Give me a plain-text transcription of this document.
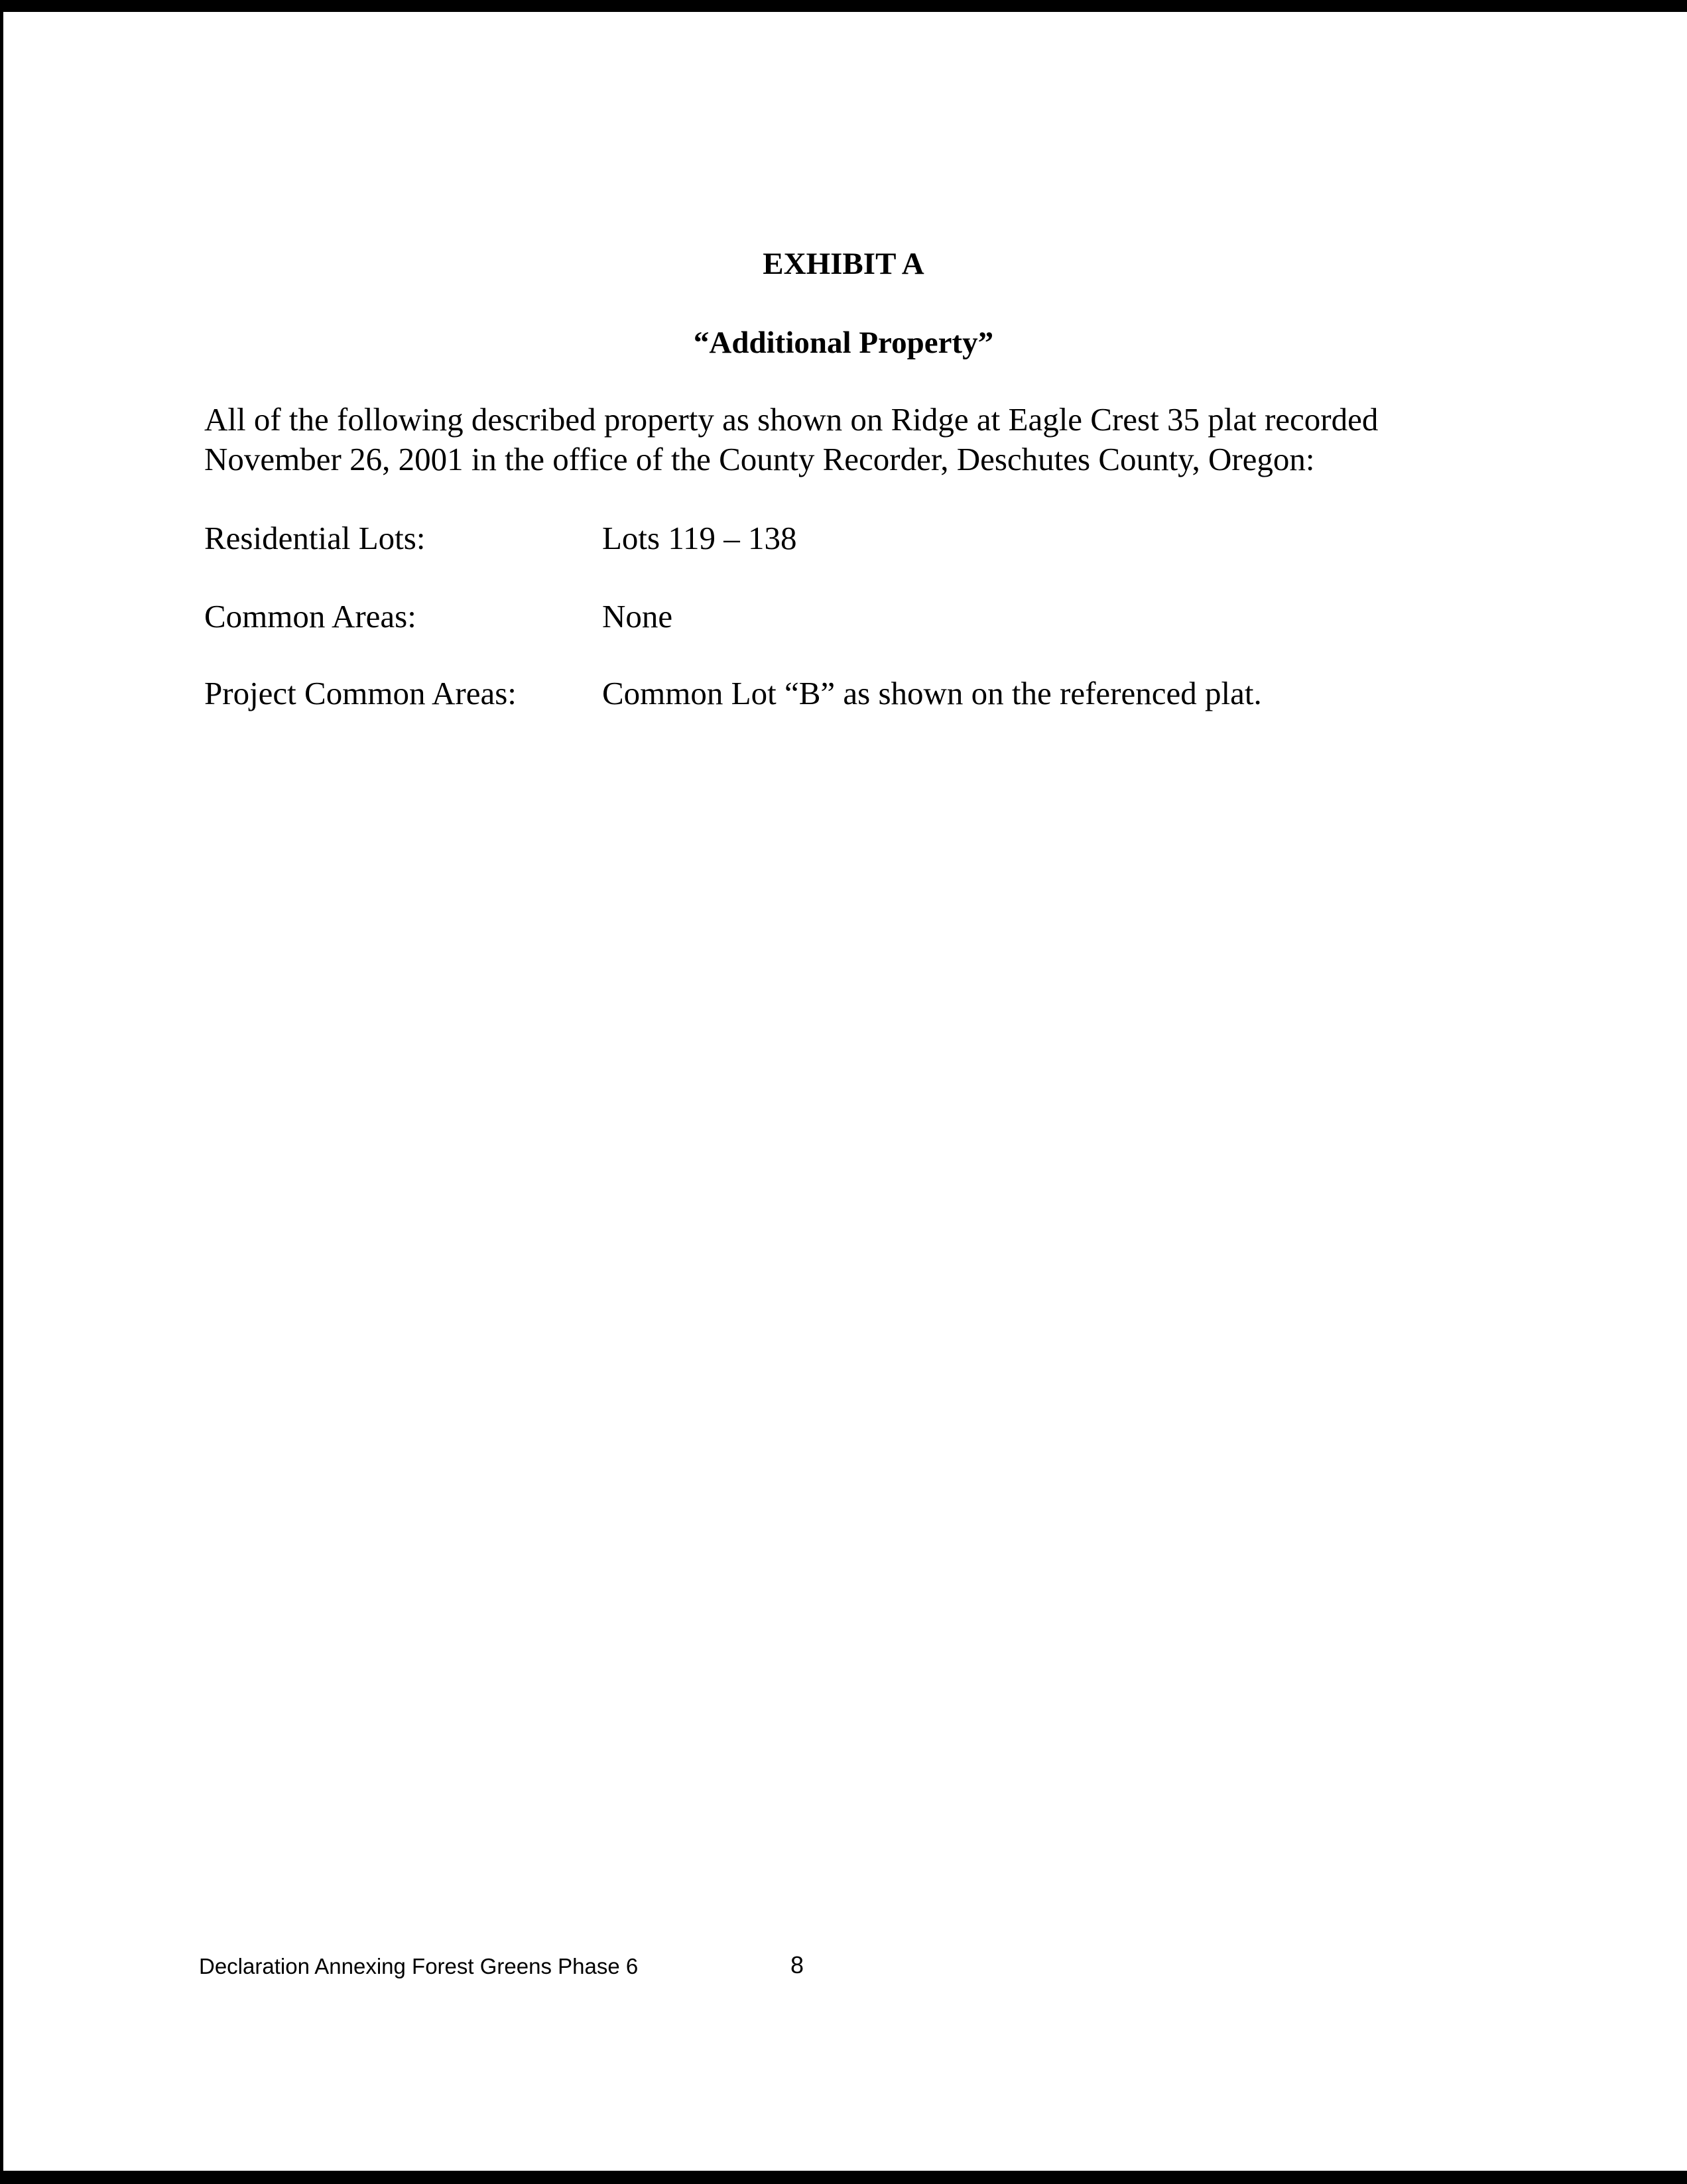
EXHIBIT A
“Additional Property”
All of the following described property as shown on Ridge at Eagle Crest 35 plat recorded
November 26, 2001 in the office of the County Recorder, Deschutes County, Oregon:
Residential Lots:	Lots 119 – 138
Common Areas:	None
Project Common Areas:	Common Lot “B” as shown on the referenced plat.
Declaration Annexing Forest Greens Phase 6	8
